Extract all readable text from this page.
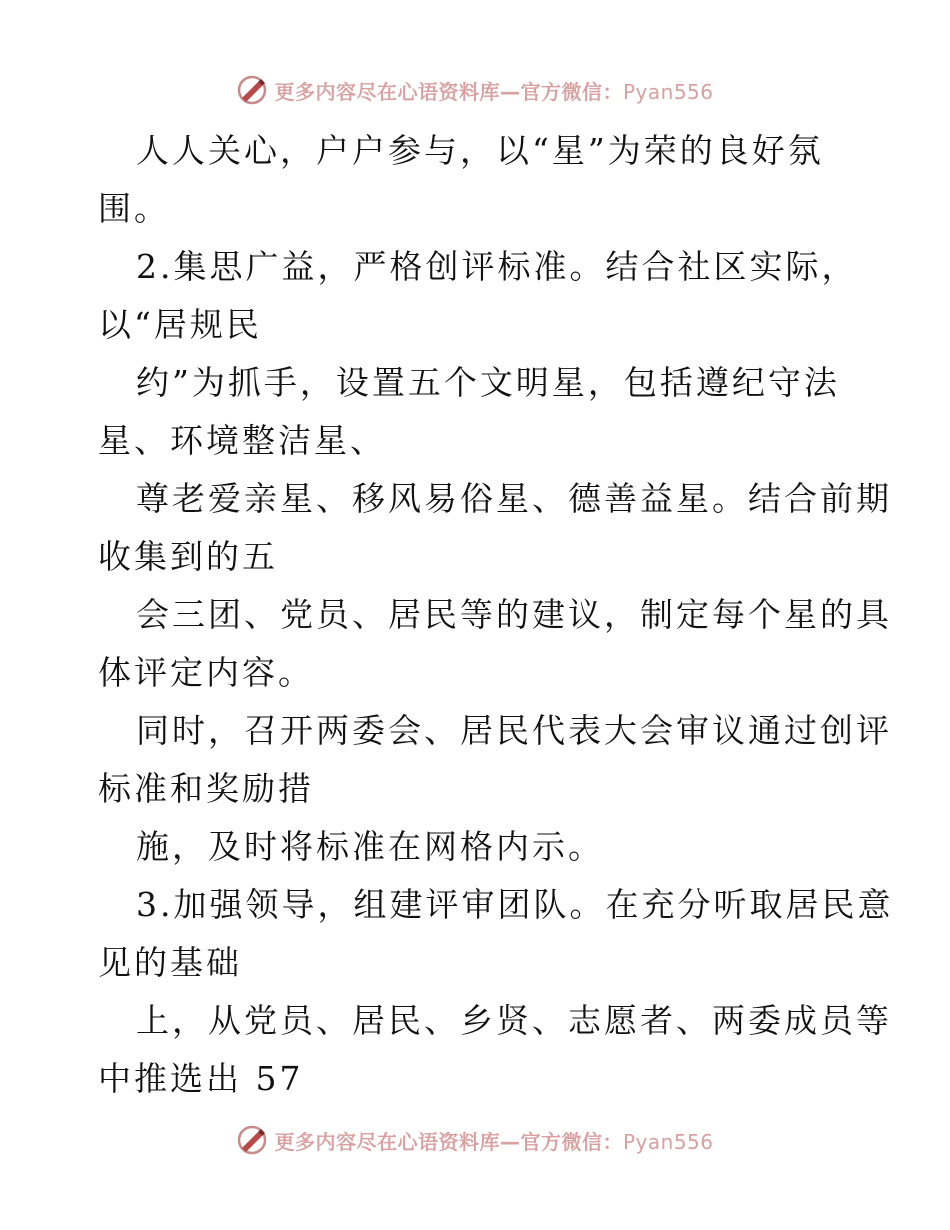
更多内容尽在心语资料库—官方微信：Pyan556
人人关心，户户参与，以“星”为荣的良好氛
围。
2.集思广益，严格创评标准。结合社区实际，
以“居规民
约”为抓手，设置五个文明星，包括遵纪守法
星、环境整洁星、
尊老爱亲星、移风易俗星、德善益星。结合前期
收集到的五
会三团、党员、居民等的建议，制定每个星的具
体评定内容。
同时，召开两委会、居民代表大会审议通过创评
标准和奖励措
施，及时将标准在网格内示。
3.加强领导，组建评审团队。在充分听取居民意
见的基础
上，从党员、居民、乡贤、志愿者、两委成员等
中推选出 57
更多内容尽在心语资料库—官方微信：Pyan556
